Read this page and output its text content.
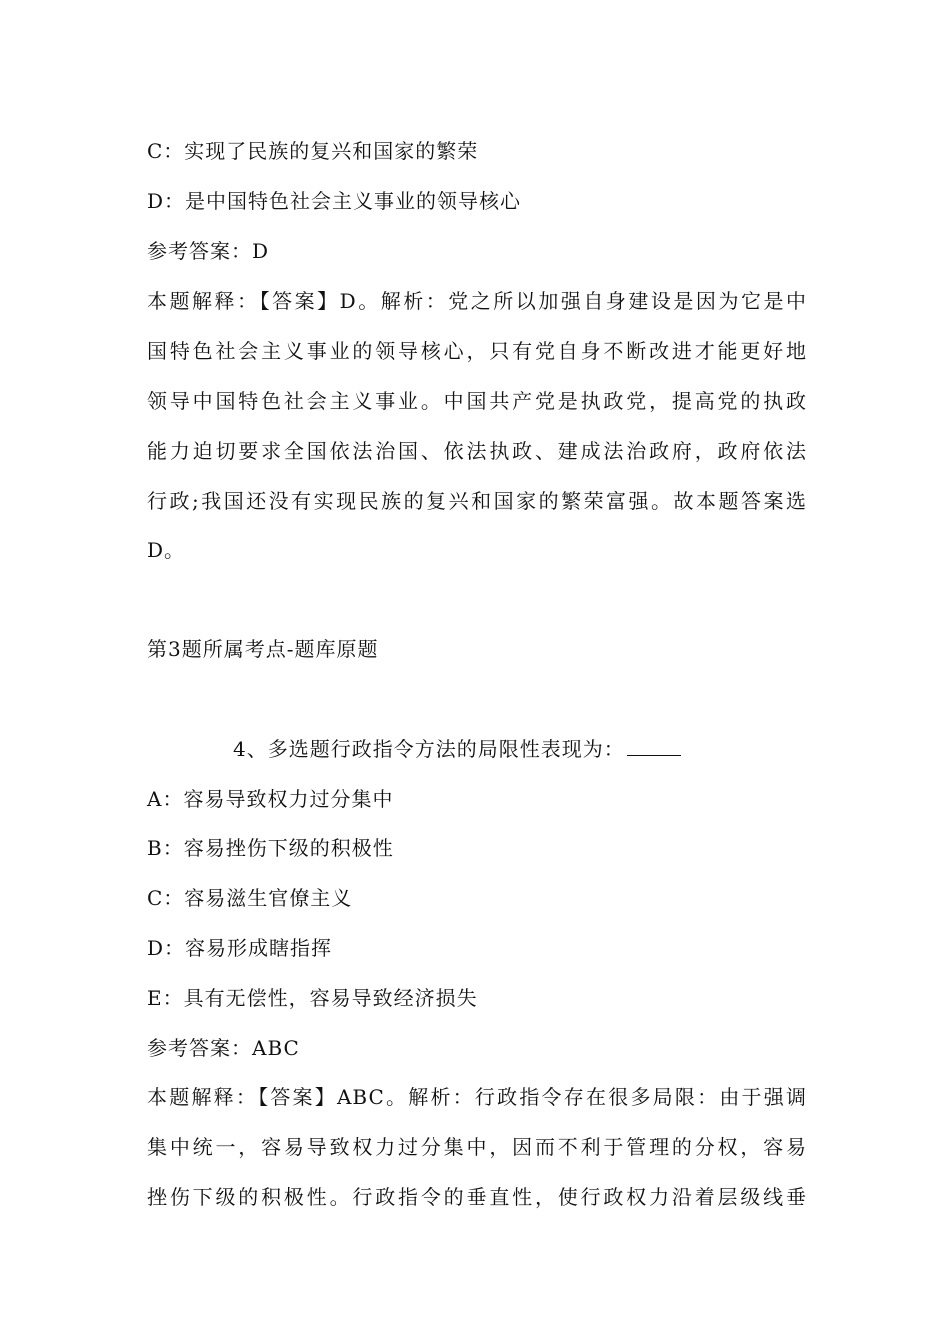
C：实现了民族的复兴和国家的繁荣
D：是中国特色社会主义事业的领导核心
参考答案：D
本题解释：【答案】D。解析：党之所以加强自身建设是因为它是中
国特色社会主义事业的领导核心，只有党自身不断改进才能更好地
领导中国特色社会主义事业。中国共产党是执政党，提高党的执政
能力迫切要求全国依法治国、依法执政、建成法治政府，政府依法
行政;我国还没有实现民族的复兴和国家的繁荣富强。故本题答案选
D。
第3题所属考点-题库原题
4、多选题行政指令方法的局限性表现为：
A：容易导致权力过分集中
B：容易挫伤下级的积极性
C：容易滋生官僚主义
D：容易形成瞎指挥
E：具有无偿性，容易导致经济损失
参考答案：ABC
本题解释：【答案】ABC。解析：行政指令存在很多局限：由于强调
集中统一，容易导致权力过分集中，因而不利于管理的分权，容易
挫伤下级的积极性。行政指令的垂直性，使行政权力沿着层级线垂
